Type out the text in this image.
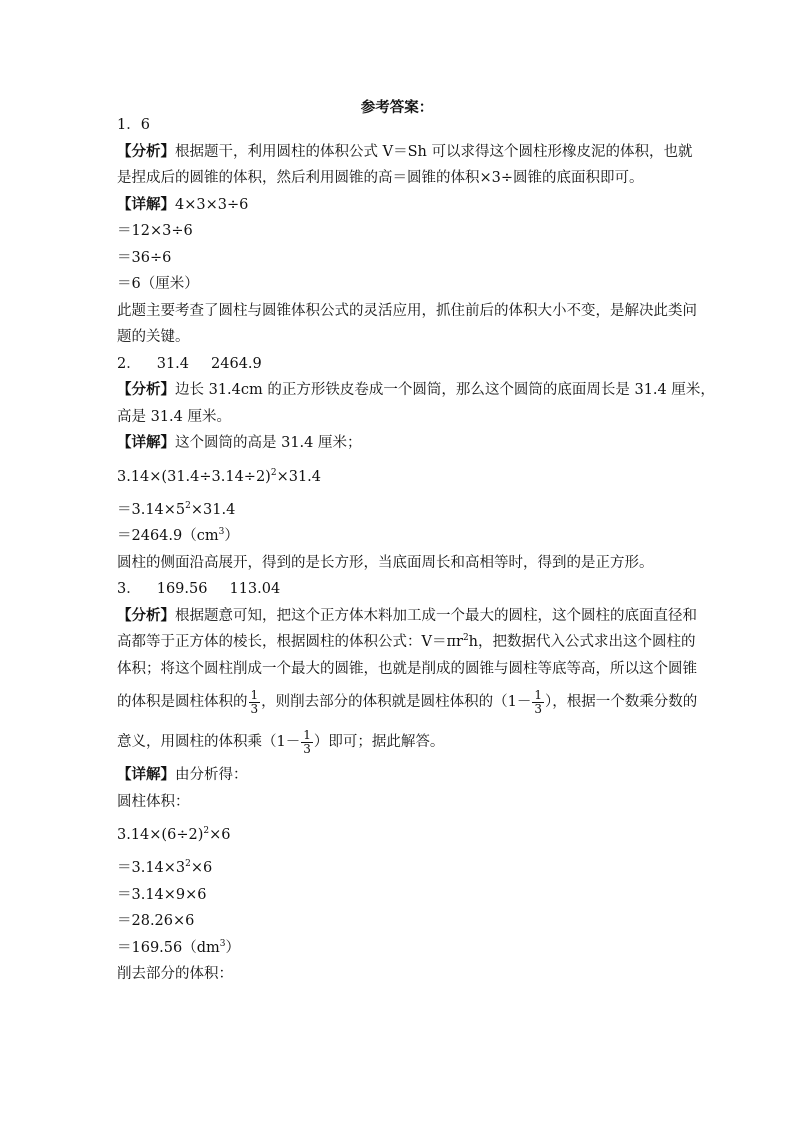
参考答案：
1．6
【分析】根据题干，利用圆柱的体积公式 V＝Sh 可以求得这个圆柱形橡皮泥的体积，也就
是捏成后的圆锥的体积，然后利用圆锥的高＝圆锥的体积×3÷圆锥的底面积即可。
【详解】4×3×3÷6
＝12×3÷6
＝36÷6
＝6（厘米）
此题主要考查了圆柱与圆锥体积公式的灵活应用，抓住前后的体积大小不变，是解决此类问
题的关键。
2． 31.4 2464.9
【分析】边长 31.4cm 的正方形铁皮卷成一个圆筒，那么这个圆筒的底面周长是 31.4 厘米，
高是 31.4 厘米。
【详解】这个圆筒的高是 31.4 厘米；
$3.14\times(31.4\div 3.14\div 2)^2\times 31.4$
$=3.14\times 5^2\times 31.4$
$=2464.9(cm^3)$
圆柱的侧面沿高展开，得到的是长方形，当底面周长和高相等时，得到的是正方形。
3． 169.56 113.04
【分析】根据题意可知，把这个正方体木料加工成一个最大的圆柱，这个圆柱的底面直径和
高都等于正方体的棱长，根据圆柱的体积公式：$V=\pi r^2h$，把数据代入公式求出这个圆柱的
体积；将这个圆柱削成一个最大的圆锥，也就是削成的圆锥与圆柱等底等高，所以这个圆锥
的体积是圆柱体积的 $\frac{1}{3}$ ，则削去部分的体积就是圆柱体积的（$1- \frac{1}{3}$ ），根据一个数乘分数的
意义，用圆柱的体积乘（$1- \frac{1}{3}$ ）即可；据此解答。
【详解】由分析得：
圆柱体积：
$3.14\times(6\div 2)^2\times 6$
$=3.14\times 3^2\times 6$
＝3.14×9×6
＝28.26×6
$=169.56(dm^3)$
削去部分的体积：
